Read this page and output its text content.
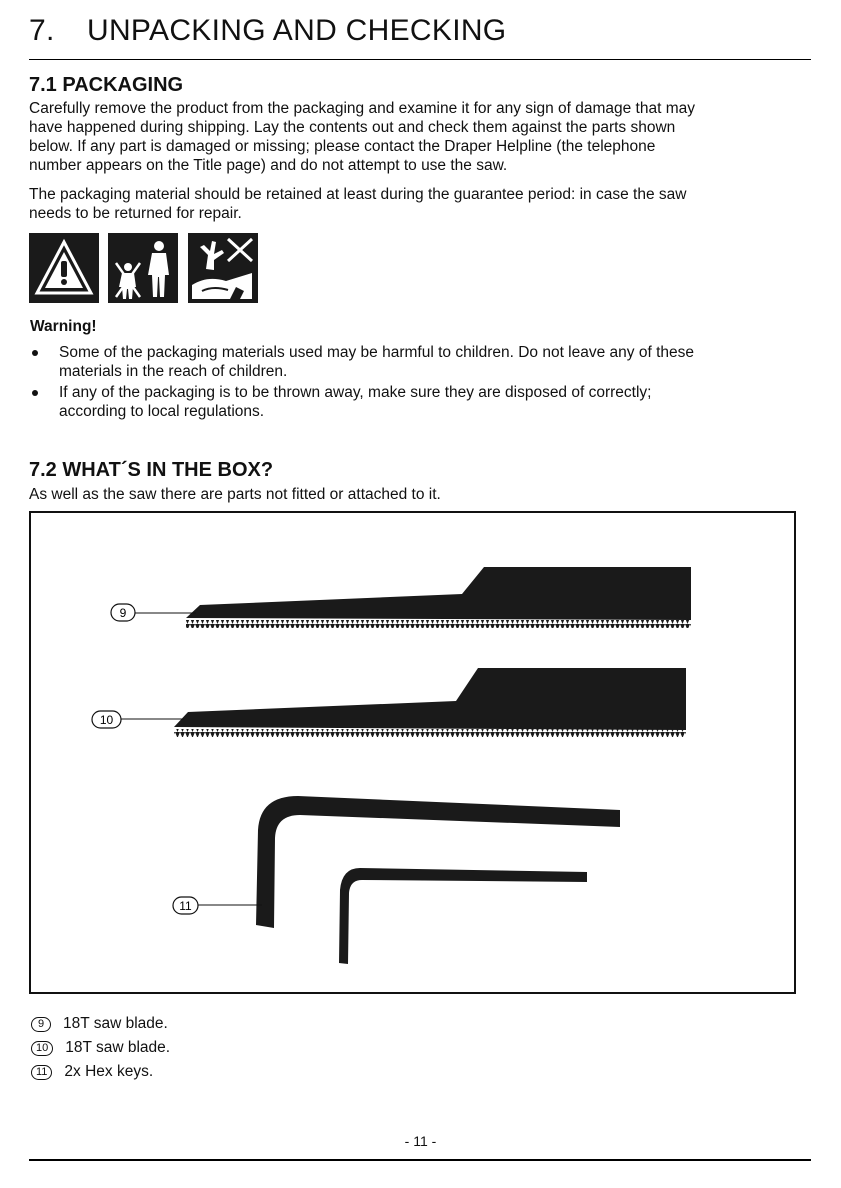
7. UNPACKING AND CHECKING
7.1 PACKAGING

Carefully remove the product from the packaging and examine it for any sign of damage that may
have happened during shipping. Lay the contents out and check them against the parts shown
below. If any part is damaged or missing; please contact the Draper Helpline (the telephone
number appears on the Title page) and do not attempt to use the saw.

The packaging material should be retained at least during the guarantee period: in case the saw
needs to be returned for repair.

Warning!
Some of the packaging materials used may be harmful to children. Do not leave any of these
materials in the reach of children.
If any of the packaging is to be thrown away, make sure they are disposed of correctly;
according to local regulations.
7.2 WHAT´S IN THE BOX?

As well as the saw there are parts not fitted or attached to it.

9
10
11
9	18T saw blade.
10	18T saw blade.
11	2x Hex keys.
- 11 -
